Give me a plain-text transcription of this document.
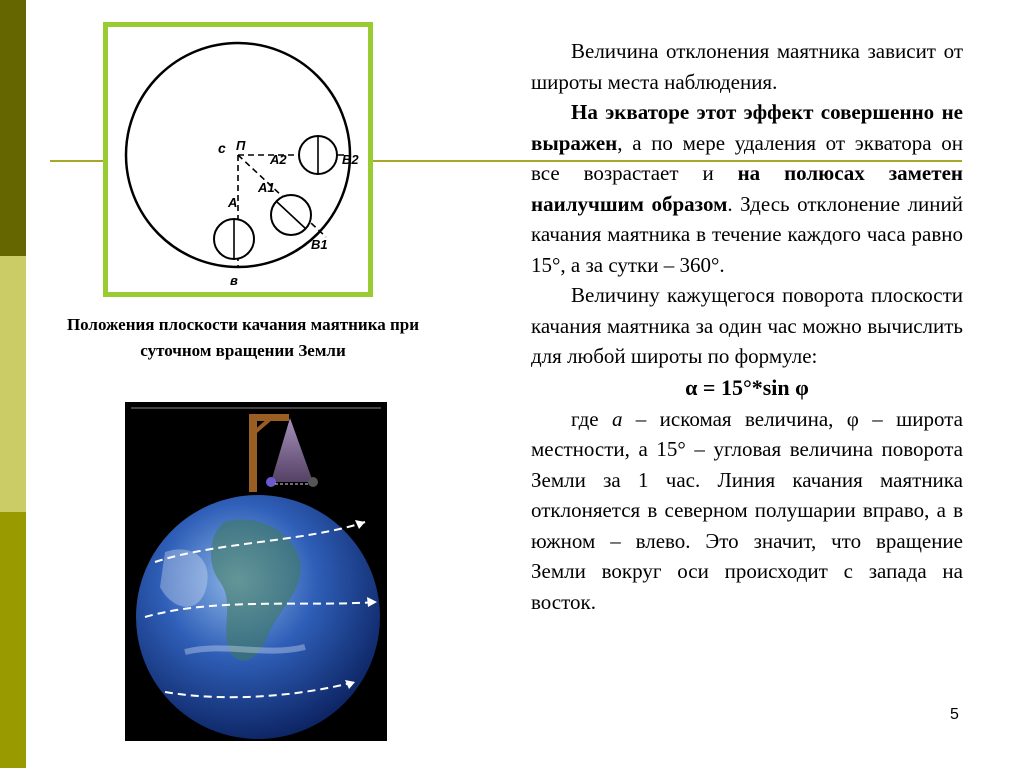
c П
A2	B2
A1
B1
A
в
Положения плоскости качания маятника при суточном вращении Земли

Величина отклонения маятника зависит от широты места наблюдения.

На экваторе этот эффект совершенно не выражен, а по мере удаления от экватора он все возрастает и на полюсах заметен наилучшим образом. Здесь отклонение линий качания маятника в течение каждого часа равно 15°, а за сутки – 360°.

Величину кажущегося поворота плоскости качания маятника за один час можно вычислить для любой широты по формуле:

α = 15°*sin φ

где а – искомая величина, φ – широта местности, а 15° – угловая величина поворота Земли за 1 час. Линия качания маятника отклоняется в северном полушарии вправо, а в южном – влево. Это значит, что вращение Земли вокруг оси происходит с запада на восток.

5
